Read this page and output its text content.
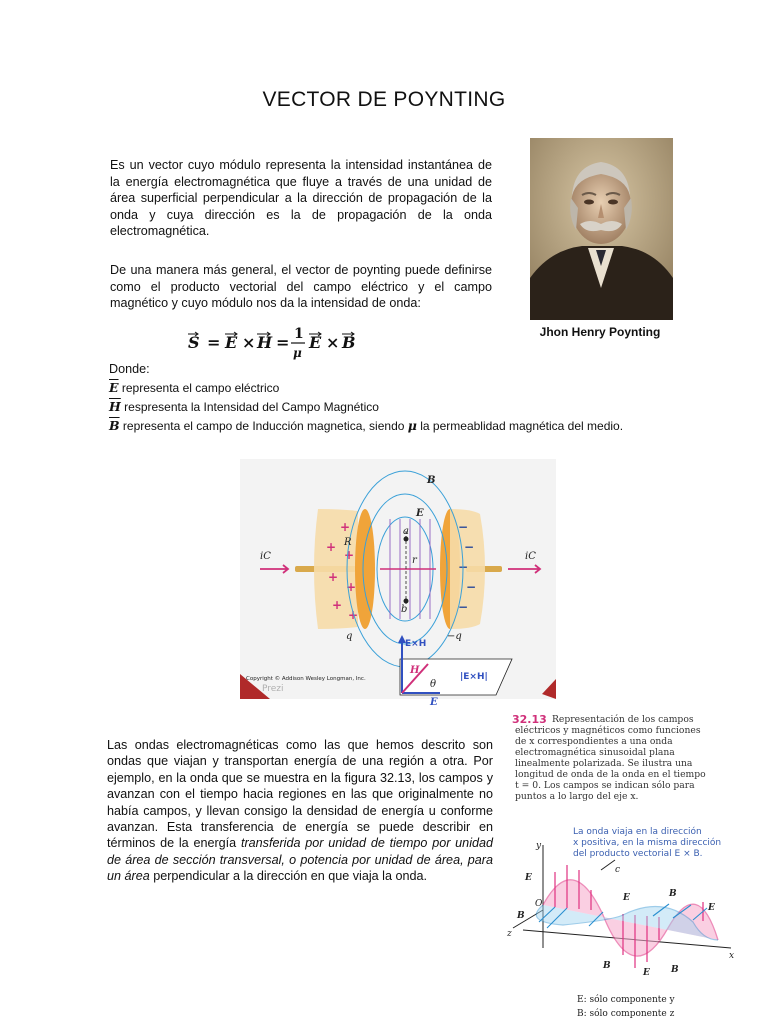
VECTOR DE POYNTING
Es un vector cuyo módulo representa la intensidad instantánea de la energía electromagnética que fluye a través de una unidad de área superficial perpendicular a la dirección de propagación de la onda y cuya dirección es la de propagación de la onda electromagnética.
De una manera más general, el vector de poynting puede definirse como el producto vectorial del campo eléctrico y el campo magnético y cuyo módulo nos da la intensidad de onda:
Jhon Henry Poynting
S = E × H = 1
μ
E × B
Donde:
$\overline{E}$ representa el campo eléctrico
$\overline{H}$ respresenta la Intensidad del Campo Magnético
$\overline{B}$ representa el campo de Inducción magnetica, siendo μ la permeablidad magnética del medio.
iC	iC
+
+
+
+
+
+
+
−
−
−
−
−
a
b
r
R
B
E
q	−q
E×H
H
E
|E×H|
θ
Copyright © Addison Wesley Longman, Inc.
Prezi
Las ondas electromagnéticas como las que hemos descrito son ondas que viajan y transportan energía de una región a otra. Por ejemplo, en la onda que se muestra en la figura 32.13, los campos y avanzan con el tiempo hacia regiones en las que originalmente no había campos, y llevan consigo la densidad de energía u conforme avanzan. Esta transferencia de energía se puede describir en términos de la energía transferida por unidad de tiempo por unidad de área de sección transversal, o potencia por unidad de área, para un área perpendicular a la dirección en que viaja la onda.
32.13 Representación de los campos
eléctricos y magnéticos como funciones
de x correspondientes a una onda
electromagnética sinusoidal plana
linealmente polarizada. Se ilustra una
longitud de onda de la onda en el tiempo
t = 0. Los campos se indican sólo para
puntos a lo largo del eje x.
La onda viaja en la dirección
x positiva, en la misma dirección
del producto vectorial E × B.
y
x
z
O
E
E
E
E
B
B
B	B
c
E: sólo componente y
B: sólo componente z
